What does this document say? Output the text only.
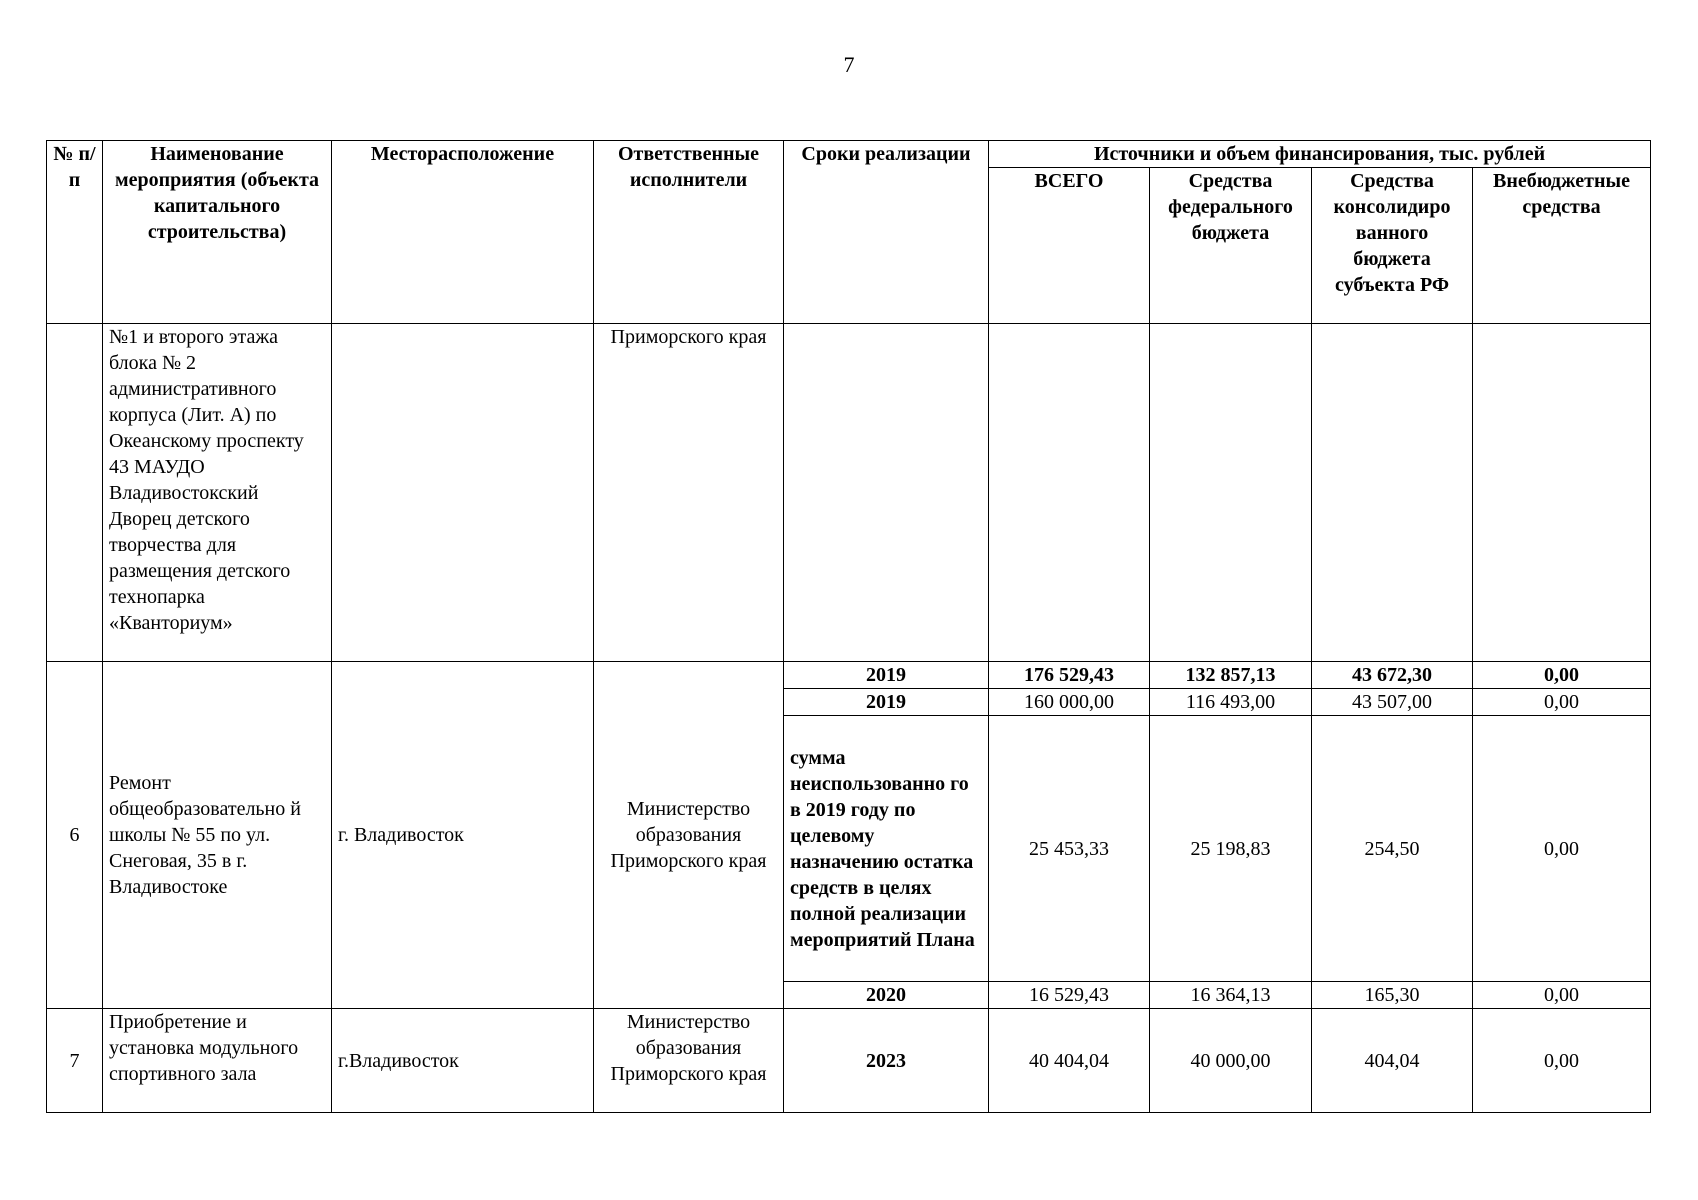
7
№ п/п	Наименование мероприятия (объекта капитального строительства)	Месторасположение	Ответственные исполнители	Сроки реализации	Источники и объем финансирования, тыс. рублей			
					ВСЕГО	Средства федерального бюджета	Средства консолидиро ванного бюджета субъекта РФ	Внебюджетные средства
	№1 и второго этажа блока № 2 административного корпуса (Лит. А) по Океанскому проспекту 43 МАУДО Владивостокский Дворец детского творчества для размещения детского технопарка «Кванториум»		Приморского края					
6	Ремонт общеобразовательно й школы № 55 по ул. Снеговая, 35 в г. Владивостоке	г. Владивосток	Министерство образования Приморского края	2019	176 529,43	132 857,13	43 672,30	0,00
				2019	160 000,00	116 493,00	43 507,00	0,00
				сумма неиспользованно го в 2019 году по целевому назначению остатка средств в целях полной реализации мероприятий Плана	25 453,33	25 198,83	254,50	0,00
				2020	16 529,43	16 364,13	165,30	0,00
7	Приобретение и установка модульного спортивного зала	г.Владивосток	Министерство образования Приморского края	2023	40 404,04	40 000,00	404,04	0,00
